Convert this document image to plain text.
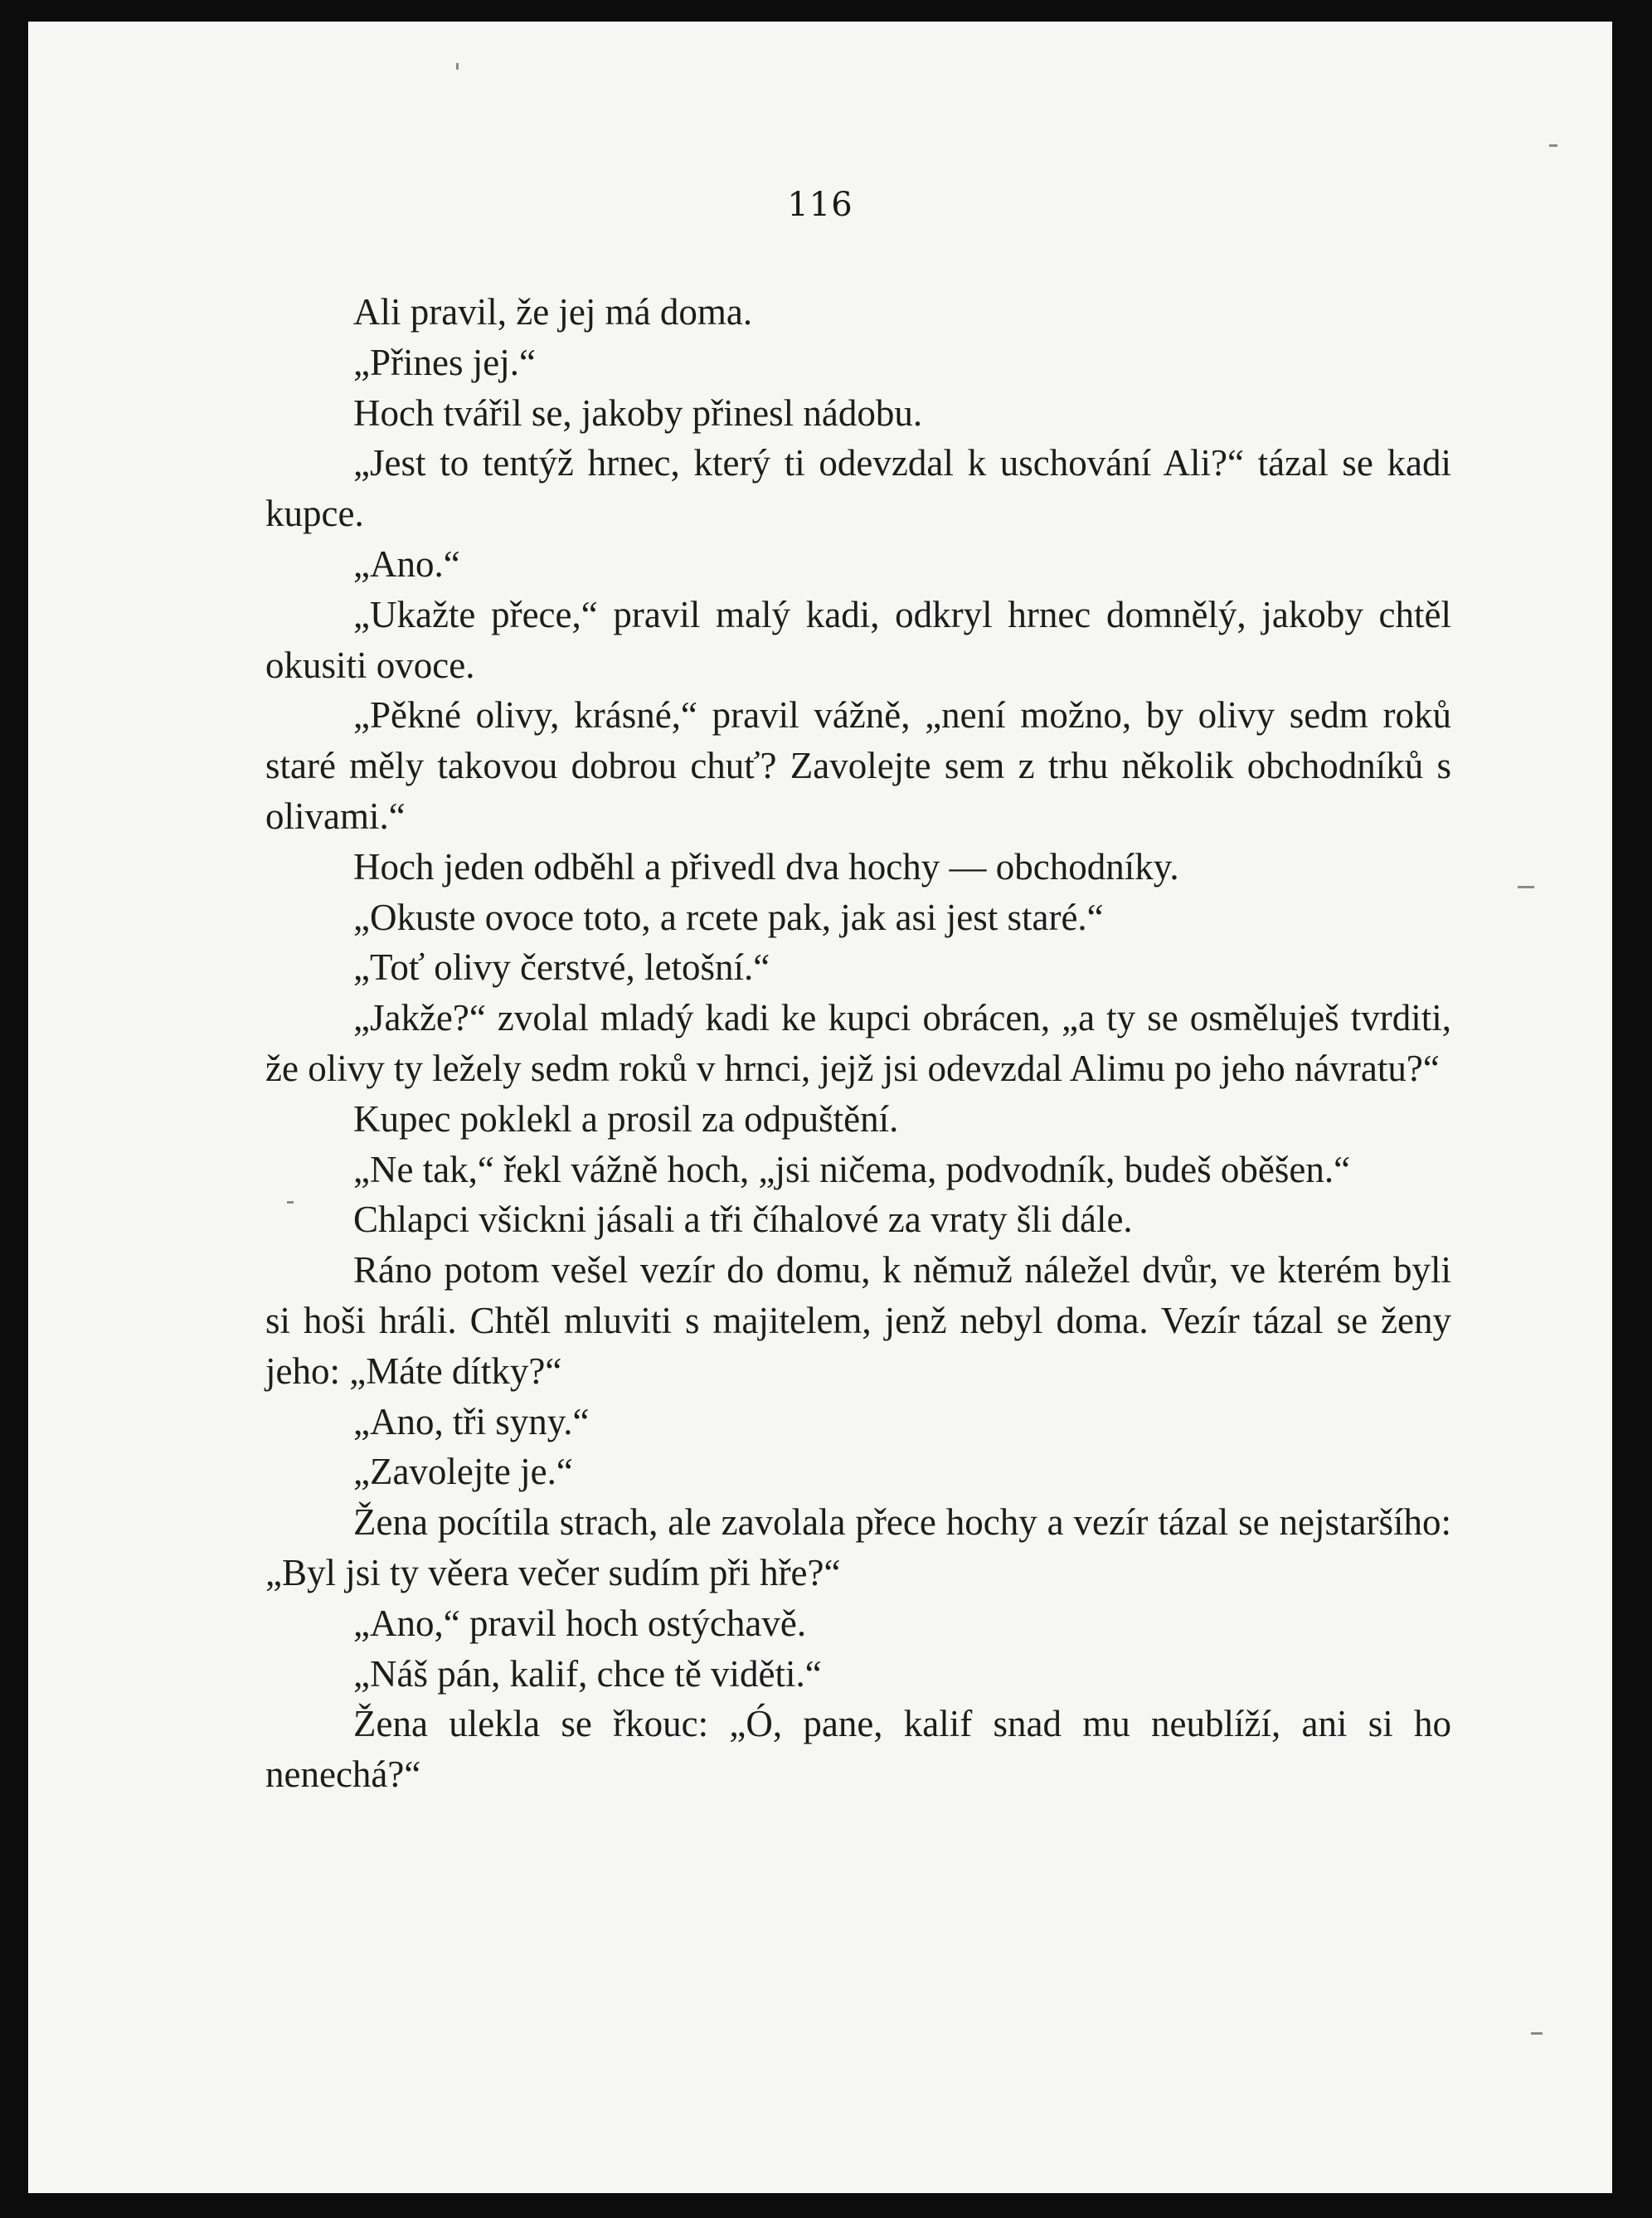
116

Ali pravil, že jej má doma.

„Přines jej.“

Hoch tvářil se, jakoby přinesl nádobu.

„Jest to tentýž hrnec, který ti odevzdal k uschování Ali?“ tázal se kadi kupce.

„Ano.“

„Ukažte přece,“ pravil malý kadi, odkryl hrnec domnělý, jakoby chtěl okusiti ovoce.

„Pěkné olivy, krásné,“ pravil vážně, „není možno, by olivy sedm roků staré měly takovou dobrou chuť? Zavolejte sem z trhu několik obchodníků s olivami.“

Hoch jeden odběhl a přivedl dva hochy — obchodníky.

„Okuste ovoce toto, a rcete pak, jak asi jest staré.“

„Toť olivy čerstvé, letošní.“

„Jakže?“ zvolal mladý kadi ke kupci obrácen, „a ty se osměluješ tvrditi, že olivy ty ležely sedm roků v hrnci, jejž jsi odevzdal Alimu po jeho návratu?“

Kupec poklekl a prosil za odpuštění.

„Ne tak,“ řekl vážně hoch, „jsi ničema, podvodník, budeš oběšen.“

Chlapci všickni jásali a tři číhalové za vraty šli dále.

Ráno potom vešel vezír do domu, k němuž náležel dvůr, ve kterém byli si hoši hráli. Chtěl mluviti s majitelem, jenž nebyl doma. Vezír tázal se ženy jeho: „Máte dítky?“

„Ano, tři syny.“

„Zavolejte je.“

Žena pocítila strach, ale zavolala přece hochy a vezír tázal se nejstaršího: „Byl jsi ty věera večer sudím při hře?“

„Ano,“ pravil hoch ostýchavě.

„Náš pán, kalif, chce tě viděti.“

Žena ulekla se řkouc: „Ó, pane, kalif snad mu neublíží, ani si ho nenechá?“
